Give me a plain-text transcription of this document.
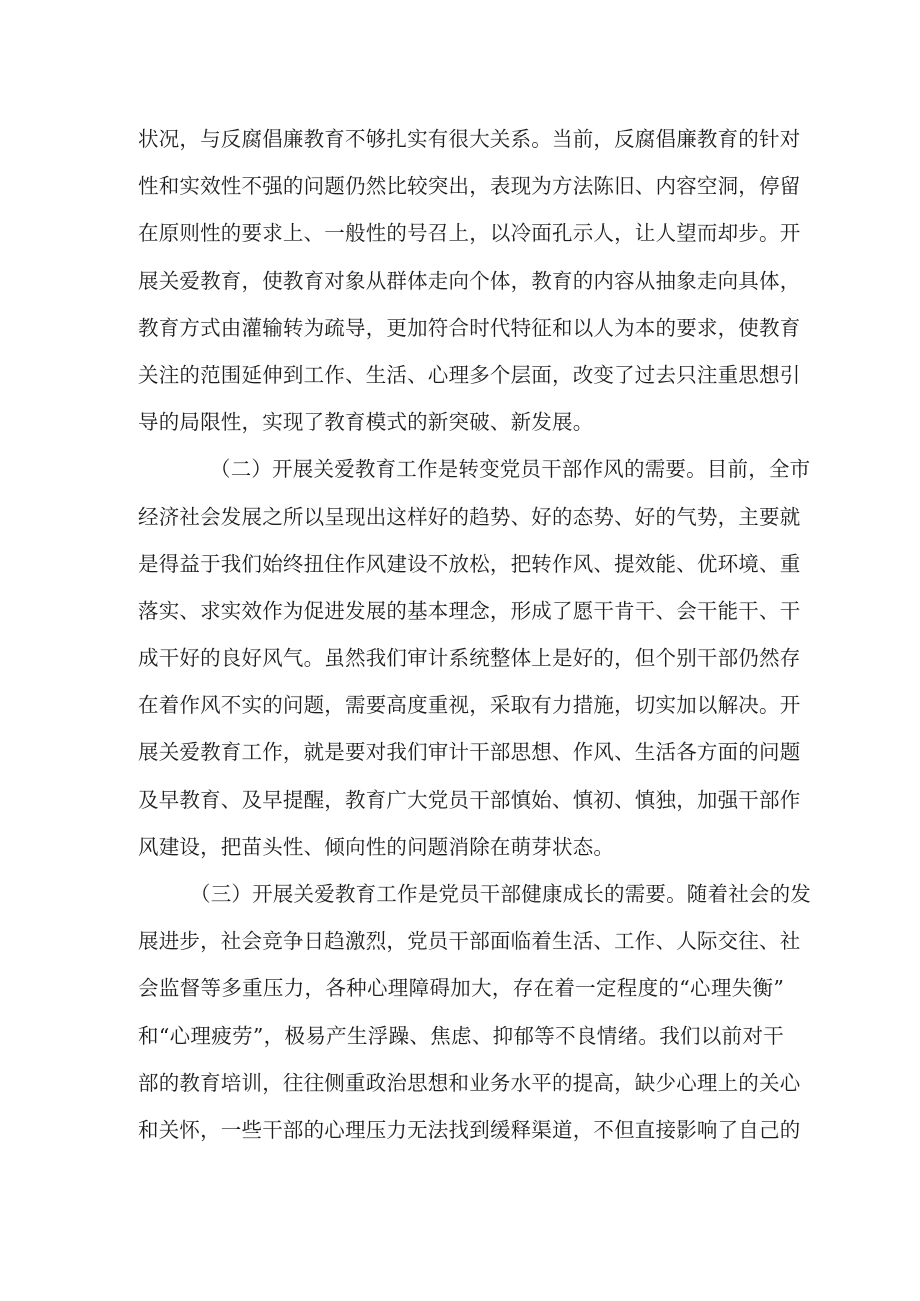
状况，与反腐倡廉教育不够扎实有很大关系。当前，反腐倡廉教育的针对
性和实效性不强的问题仍然比较突出，表现为方法陈旧、内容空洞，停留
在原则性的要求上、一般性的号召上，以冷面孔示人，让人望而却步。开
展关爱教育，使教育对象从群体走向个体，教育的内容从抽象走向具体，
教育方式由灌输转为疏导，更加符合时代特征和以人为本的要求，使教育
关注的范围延伸到工作、生活、心理多个层面，改变了过去只注重思想引
导的局限性，实现了教育模式的新突破、新发展。
（二）开展关爱教育工作是转变党员干部作风的需要。目前，全市
经济社会发展之所以呈现出这样好的趋势、好的态势、好的气势，主要就
是得益于我们始终扭住作风建设不放松，把转作风、提效能、优环境、重
落实、求实效作为促进发展的基本理念，形成了愿干肯干、会干能干、干
成干好的良好风气。虽然我们审计系统整体上是好的，但个别干部仍然存
在着作风不实的问题，需要高度重视，采取有力措施，切实加以解决。开
展关爱教育工作，就是要对我们审计干部思想、作风、生活各方面的问题
及早教育、及早提醒，教育广大党员干部慎始、慎初、慎独，加强干部作
风建设，把苗头性、倾向性的问题消除在萌芽状态。
（三）开展关爱教育工作是党员干部健康成长的需要。随着社会的发
展进步，社会竞争日趋激烈，党员干部面临着生活、工作、人际交往、社
会监督等多重压力，各种心理障碍加大，存在着一定程度的“心理失衡”
和“心理疲劳”，极易产生浮躁、焦虑、抑郁等不良情绪。我们以前对干
部的教育培训，往往侧重政治思想和业务水平的提高，缺少心理上的关心
和关怀，一些干部的心理压力无法找到缓释渠道，不但直接影响了自己的
